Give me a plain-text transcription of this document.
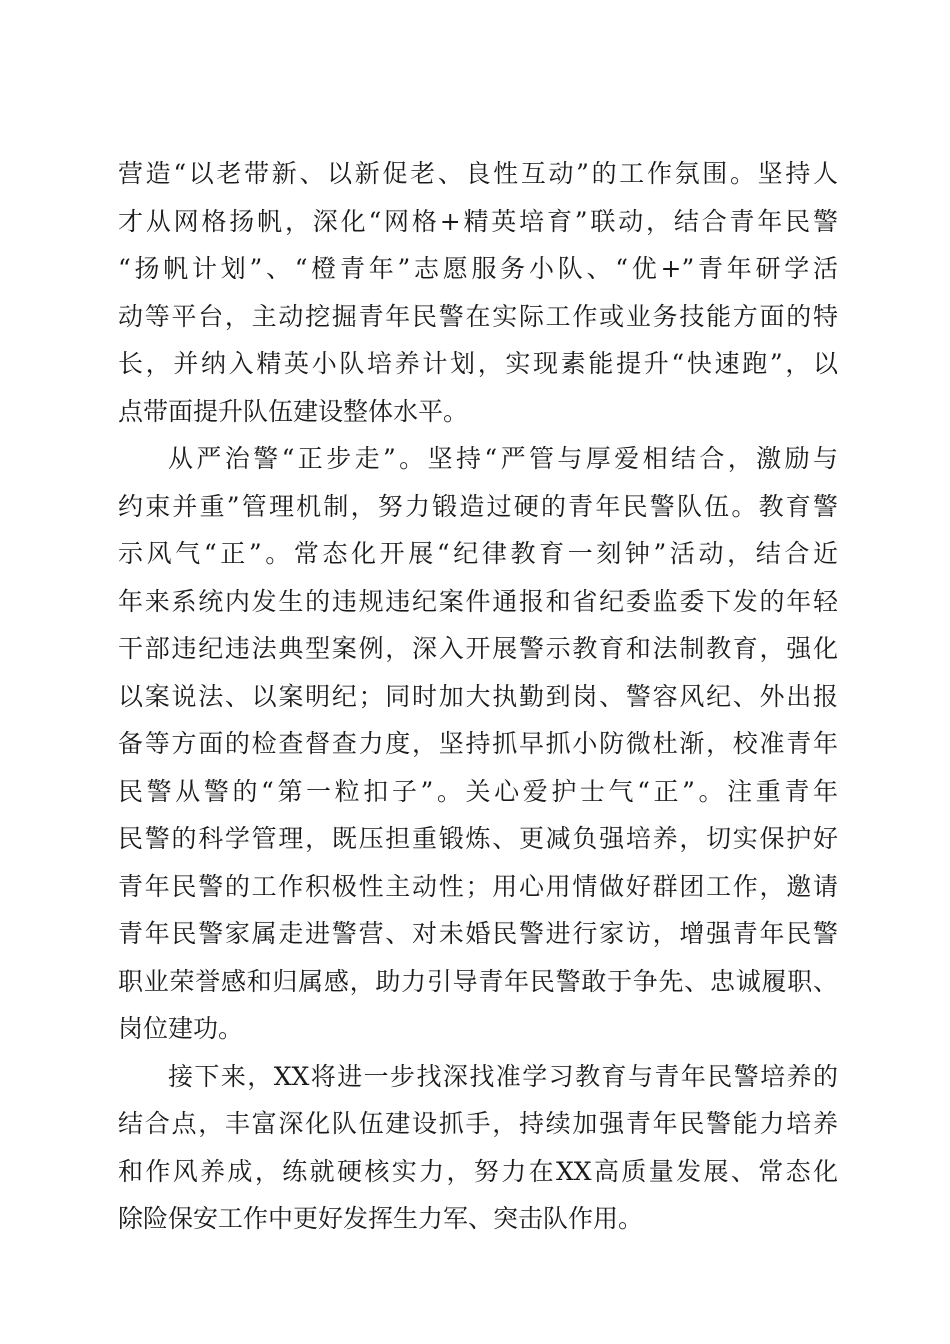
营造“以老带新、以新促老、良性互动”的工作氛围。坚持人
才从网格扬帆，深化“网格+精英培育”联动，结合青年民警
“扬帆计划”、“橙青年”志愿服务小队、“优+”青年研学活
动等平台，主动挖掘青年民警在实际工作或业务技能方面的特
长，并纳入精英小队培养计划，实现素能提升“快速跑”，以
点带面提升队伍建设整体水平。
从严治警“正步走”。坚持“严管与厚爱相结合，激励与
约束并重”管理机制，努力锻造过硬的青年民警队伍。教育警
示风气“正”。常态化开展“纪律教育一刻钟”活动，结合近
年来系统内发生的违规违纪案件通报和省纪委监委下发的年轻
干部违纪违法典型案例，深入开展警示教育和法制教育，强化
以案说法、以案明纪；同时加大执勤到岗、警容风纪、外出报
备等方面的检查督查力度，坚持抓早抓小防微杜渐，校准青年
民警从警的“第一粒扣子”。关心爱护士气“正”。注重青年
民警的科学管理，既压担重锻炼、更减负强培养，切实保护好
青年民警的工作积极性主动性；用心用情做好群团工作，邀请
青年民警家属走进警营、对未婚民警进行家访，增强青年民警
职业荣誉感和归属感，助力引导青年民警敢于争先、忠诚履职、
岗位建功。
接下来，XX将进一步找深找准学习教育与青年民警培养的
结合点，丰富深化队伍建设抓手，持续加强青年民警能力培养
和作风养成，练就硬核实力，努力在XX高质量发展、常态化
除险保安工作中更好发挥生力军、突击队作用。
